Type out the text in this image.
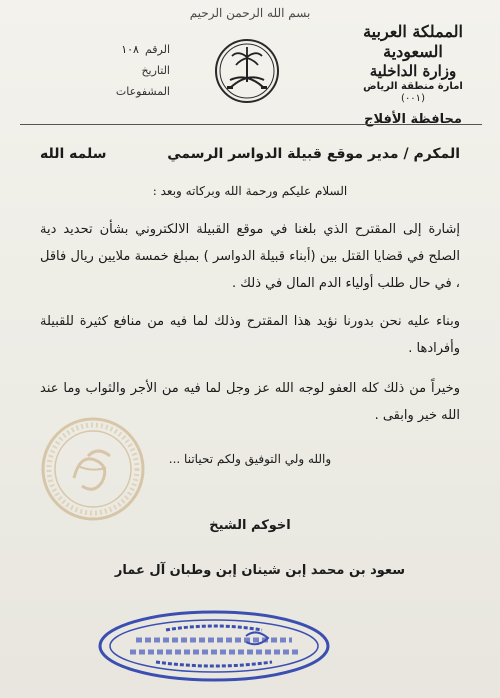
بسم الله الرحمن الرحيم
المملكة العربية السعودية
وزارة الداخلية
امارة منطقة الرياض
(٠٠١)
محافظة الأفلاج
الرقم
١٠٨
التاريخ
المشفوعات
المكرم / مدير موقع قبيلة الدواسر الرسمي
سلمه الله
السلام عليكم ورحمة الله وبركاته وبعد :
إشارة إلى المقترح الذي بلغنا في موقع القبيلة الالكتروني بشأن تحديد دية الصلح في قضايا القتل بين (أبناء قبيلة الدواسر ) بمبلغ خمسة ملايين ريال فاقل ، في حال طلب أولياء الدم المال في ذلك .
وبناء عليه نحن بدورنا نؤيد هذا المقترح وذلك لما فيه من منافع كثيرة للقبيلة وأفرادها .
وخيراً من ذلك كله العفو لوجه الله عز وجل لما فيه من الأجر والثواب وما عند الله خير وابقى .
والله ولي التوفيق ولكم تحياتنا ...
اخوكم الشيخ
سعود بن محمد إبن شينان إبن وطبان آل عمار
